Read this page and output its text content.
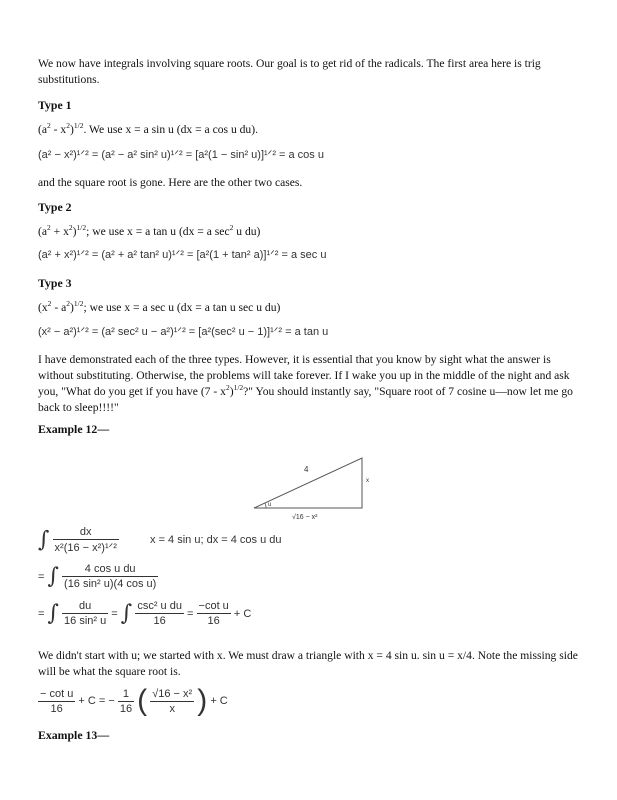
We now have integrals involving square roots. Our goal is to get rid of the radicals. The first area here is trig substitutions.
Type 1
$(a^2 - x^2)^{1/2}$. We use x = a sin u (dx = a cos u du).
(a² − x²)¹ᐟ² = (a² − a² sin² u)¹ᐟ² = [a²(1 − sin² u)]¹ᐟ² = a cos u
and the square root is gone. Here are the other two cases.
Type 2
$(a^2 + x^2)^{1/2}$; we use x = a tan u (dx = a $\sec^2 u$ du)
(a² + x²)¹ᐟ² = (a² + a² tan² u)¹ᐟ² = [a²(1 + tan² a)]¹ᐟ² = a sec u
Type 3
$(x^2 - a^2)^{1/2}$; we use x = a sec u (dx = a tan u sec u du)
(x² − a²)¹ᐟ² = (a² sec² u − a²)¹ᐟ² = [a²(sec² u − 1)]¹ᐟ² = a tan u
I have demonstrated each of the three types. However, it is essential that you know by sight what the answer is without substituting. Otherwise, the problems will take forever. If I wake you up in the middle of the night and ask you, "What do you get if you have $(7 - x^2)^{1/2}$?" You should instantly say, "Square root of 7 cosine u—now let me go back to sleep!!!!"
Example 12—
4
x
u
√16 − x²
∫ $\frac{dx}{\text{x²(16 − x²)¹ᐟ²}}$	x = 4 sin u; dx = 4 cos u du
= ∫ $\frac{\text{4 cos u du}}{\text{(16 sin² u)(4 cos u)}}$
= ∫ $\frac{du}{\text{16 sin² u}}$ = ∫ $\frac{\text{csc² u du}}{16} = \frac{\text{−cot u}}{16} + C$
We didn't start with u; we started with x. We must draw a triangle with x = 4 sin u. sin u = x/4. Note the missing side will be what the square root is.
$\frac{\text{− cot u}}{16} + C$ = − $\frac{1}{16}$ ( $\frac{\text{√16 − x²}}{x}$ ) + C
Example 13—
